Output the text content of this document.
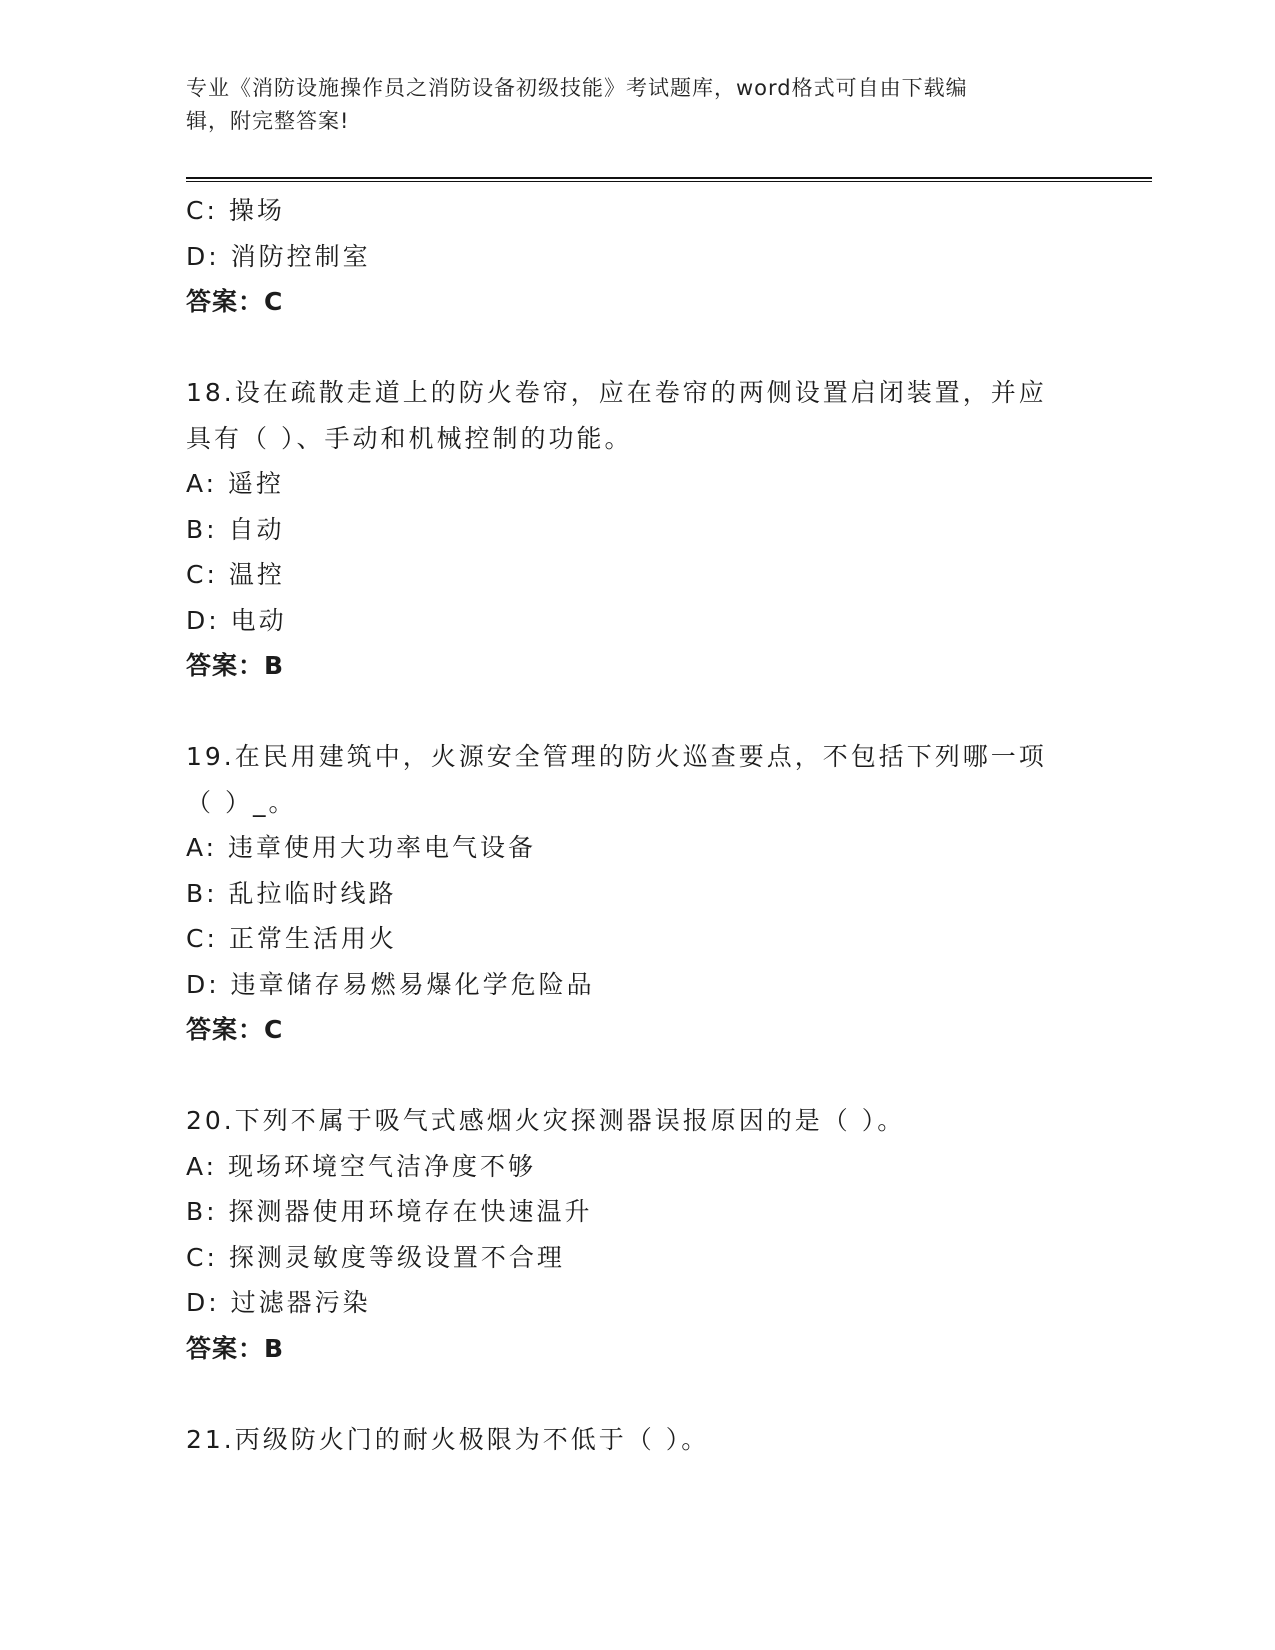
专业《消防设施操作员之消防设备初级技能》考试题库，word格式可自由下载编
辑，附完整答案!
C: 操场
D: 消防控制室
答案：C
18.设在疏散走道上的防火卷帘，应在卷帘的两侧设置启闭装置，并应
具有（ ）、手动和机械控制的功能。
A: 遥控
B: 自动
C: 温控
D: 电动
答案：B
19.在民用建筑中，火源安全管理的防火巡查要点，不包括下列哪一项
（ ）_。
A: 违章使用大功率电气设备
B: 乱拉临时线路
C: 正常生活用火
D: 违章储存易燃易爆化学危险品
答案：C
20.下列不属于吸气式感烟火灾探测器误报原因的是（ ）。
A: 现场环境空气洁净度不够
B: 探测器使用环境存在快速温升
C: 探测灵敏度等级设置不合理
D: 过滤器污染
答案：B
21.丙级防火门的耐火极限为不低于（ ）。
